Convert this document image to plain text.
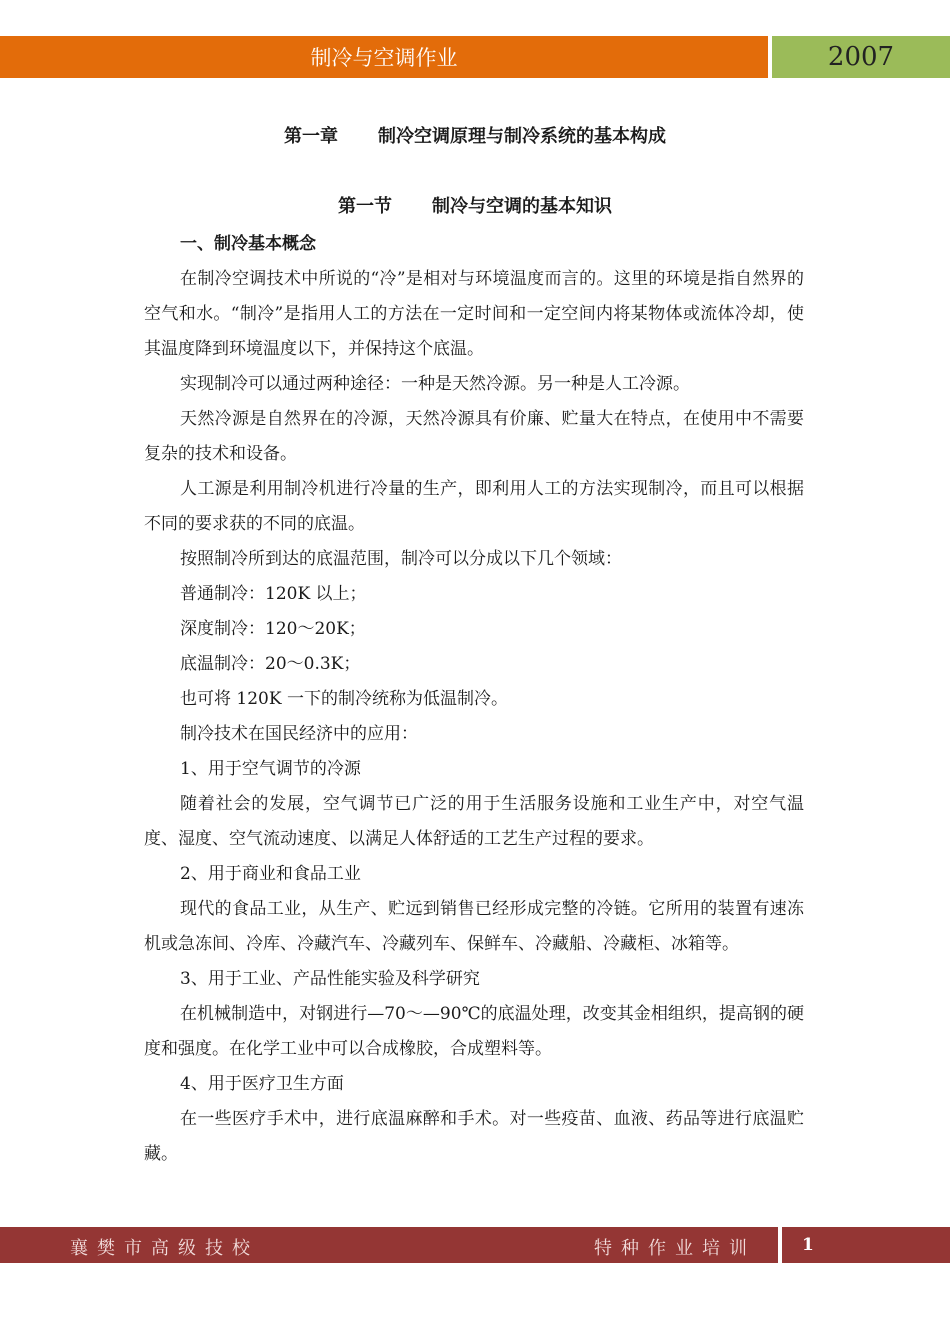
制冷与空调作业	2007
第一章 制冷空调原理与制冷系统的基本构成
第一节 制冷与空调的基本知识

一、制冷基本概念

在制冷空调技术中所说的“冷”是相对与环境温度而言的。这里的环境是指自然界的空气和水。“制冷”是指用人工的方法在一定时间和一定空间内将某物体或流体冷却，使其温度降到环境温度以下，并保持这个底温。

实现制冷可以通过两种途径：一种是天然冷源。另一种是人工冷源。

天然冷源是自然界在的冷源，天然冷源具有价廉、贮量大在特点，在使用中不需要复杂的技术和设备。

人工源是利用制冷机进行冷量的生产，即利用人工的方法实现制冷，而且可以根据不同的要求获的不同的底温。

按照制冷所到达的底温范围，制冷可以分成以下几个领域：

普通制冷：120K 以上；

深度制冷：120～20K；

底温制冷：20～0.3K；

也可将 120K 一下的制冷统称为低温制冷。

制冷技术在国民经济中的应用：

1、用于空气调节的冷源

随着社会的发展，空气调节已广泛的用于生活服务设施和工业生产中，对空气温度、湿度、空气流动速度、以满足人体舒适的工艺生产过程的要求。

2、用于商业和食品工业

现代的食品工业，从生产、贮远到销售已经形成完整的冷链。它所用的装置有速冻机或急冻间、冷库、冷藏汽车、冷藏列车、保鲜车、冷藏船、冷藏柜、冰箱等。

3、用于工业、产品性能实验及科学研究

在机械制造中，对钢进行—70～—90℃的底温处理，改变其金相组织，提高钢的硬度和强度。在化学工业中可以合成橡胶，合成塑料等。

4、用于医疗卫生方面

在一些医疗手术中，进行底温麻醉和手术。对一些疫苗、血液、药品等进行底温贮藏。

襄樊市高级技校	特种作业培训	1
